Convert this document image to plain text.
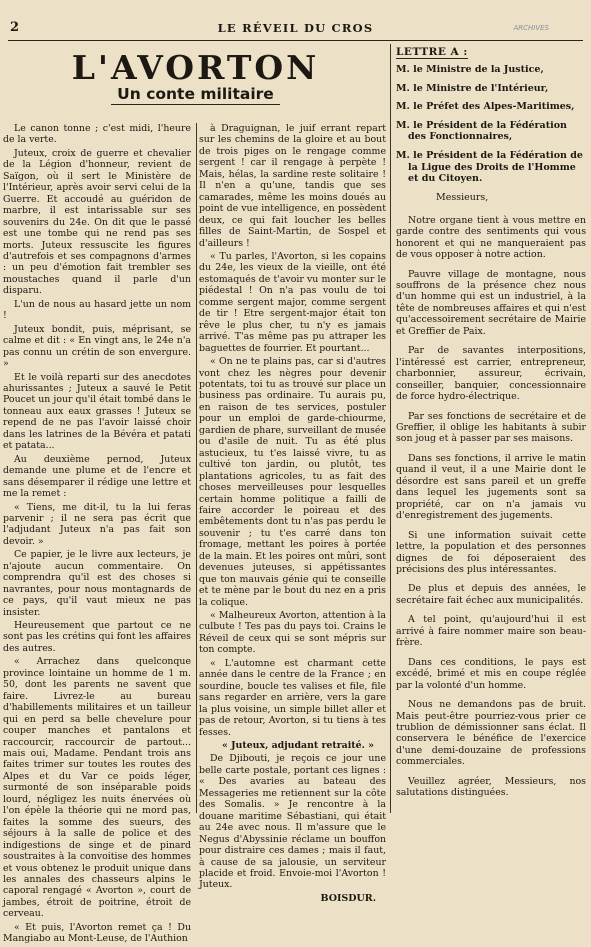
2	LE RÉVEIL DU CROS	ARCHIVES
L'AVORTON
Un conte militaire

Le canon tonne ; c'est midi, l'heure de la verte.

Juteux, croix de guerre et chevalier de la Légion d'honneur, revient de Saïgon, où il sert le Ministère de l'Intérieur, après avoir servi celui de la Guerre. Et accoudé au guéridon de marbre, il est intarissable sur ses souvenirs du 24e. On dit que le passé est une tombe qui ne rend pas ses morts. Juteux ressuscite les figures d'autrefois et ses compagnons d'armes : un peu d'émotion fait trembler ses moustaches quand il parle d'un disparu.

L'un de nous au hasard jette un nom !

Juteux bondit, puis, méprisant, se calme et dit : « En vingt ans, le 24e n'a pas connu un crétin de son envergure. »

Et le voilà reparti sur des anecdotes ahurissantes ; Juteux a sauvé le Petit Poucet un jour qu'il était tombé dans le tonneau aux eaux grasses ! Juteux se repend de ne pas l'avoir laissé choir dans les latrines de la Bévéra et patati et patata...

Au deuxième pernod, Juteux demande une plume et de l'encre et sans désemparer il rédige une lettre et me la remet :

« Tiens, me dit-il, tu la lui feras parvenir ; il ne sera pas écrit que l'adjudant Juteux n'a pas fait son devoir. »

Ce papier, je le livre aux lecteurs, je n'ajoute aucun commentaire. On comprendra qu'il est des choses si navrantes, pour nous montagnards de ce pays, qu'il vaut mieux ne pas insister.

Heureusement que partout ce ne sont pas les crétins qui font les affaires des autres.

« Arrachez dans quelconque province lointaine un homme de 1 m. 50, dont les parents ne savent que faire. Livrez-le au bureau d'habillements militaires et un tailleur qui en perd sa belle chevelure pour couper manches et pantalons et raccourcir, raccourcir de partout... mais oui, Madame. Pendant trois ans faites trimer sur toutes les routes des Alpes et du Var ce poids léger, surmonté de son inséparable poids lourd, négligez les nuits énervées où l'on épèle la théorie qui ne mord pas, faites la somme des sueurs, des séjours à la salle de police et des indigestions de singe et de pinard soustraites à la convoitise des hommes et vous obtenez le produit unique dans les annales des chasseurs alpins le caporal rengagé « Avorton », court de jambes, étroit de poitrine, étroit de cerveau.

« Et puis, l'Avorton remet ça ! Du Mangiabo au Mont-Leuse, de l'Authion

à Draguignan, le juif errant repart sur les chemins de la gloire et au bout de trois piges on le rengage comme sergent ! car il rengage à perpète ! Mais, hélas, la sardine reste solitaire ! Il n'en a qu'une, tandis que ses camarades, même les moins doués au point de vue intelligence, en possèdent deux, ce qui fait loucher les belles filles de Saint-Martin, de Sospel et d'ailleurs !

« Tu parles, l'Avorton, si les copains du 24e, les vieux de la vieille, ont été estomaqués de t'avoir vu monter sur le piédestal ! On n'a pas voulu de toi comme sergent major, comme sergent de tir ! Etre sergent-major était ton rêve le plus cher, tu n'y es jamais arrivé. T'as même pas pu attraper les baguettes de fourrier. Et pourtant...

« On ne te plains pas, car si d'autres vont chez les nègres pour devenir potentats, toi tu as trouvé sur place un business pas ordinaire. Tu aurais pu, en raison de tes services, postuler pour un emploi de garde-chiourme, gardien de phare, surveillant de musée ou d'asile de nuit. Tu as été plus astucieux, tu t'es laissé vivre, tu as cultivé ton jardin, ou plutôt, tes plantations agricoles, tu as fait des choses merveilleuses pour lesquelles certain homme politique a failli de faire accorder le poireau et des embêtements dont tu n'as pas perdu le souvenir ; tu t'es carré dans ton fromage, mettant les poires à portée de la main. Et les poires ont mûri, sont devenues juteuses, si appétissantes que ton mauvais génie qui te conseille et te mène par le bout du nez en a pris la colique.

« Malheureux Avorton, attention à la culbute ! Tes pas du pays toi. Crains le Réveil de ceux qui se sont mépris sur ton compte.

« L'automne est charmant cette année dans le centre de la France ; en sourdine, boucle tes valises et file, file sans regarder en arrière, vers la gare la plus voisine, un simple billet aller et pas de retour, Avorton, si tu tiens à tes fesses.

« Juteux, adjudant retraité. »

De Djibouti, je reçois ce jour une belle carte postale, portant ces lignes : « Des avaries au bateau des Messageries me retiennent sur la côte des Somalis. » Je rencontre à la douane maritime Sébastiani, qui était au 24e avec nous. Il m'assure que le Negus d'Abyssinie réclame un bouffon pour distraire ces dames ; mais il faut, à cause de sa jalousie, un serviteur placide et froid. Envoie-moi l'Avorton ! Juteux.

BOISDUR.
LETTRE A :

M. le Ministre de la Justice,

M. le Ministre de l'Intérieur,

M. le Préfet des Alpes-Maritimes,

M. le Président de la Fédération des Fonctionnaires,

M. le Président de la Fédération de la Ligue des Droits de l'Homme et du Citoyen.

Messieurs,

Notre organe tient à vous mettre en garde contre des sentiments qui vous honorent et qui ne manqueraient pas de vous opposer à notre action.

Pauvre village de montagne, nous souffrons de la présence chez nous d'un homme qui est un industriel, à la tête de nombreuses affaires et qui n'est qu'accessoirement secrétaire de Mairie et Greffier de Paix.

Par de savantes interpositions, l'intéressé est carrier, entrepreneur, charbonnier, assureur, écrivain, conseiller, banquier, concessionnaire de force hydro-électrique.

Par ses fonctions de secrétaire et de Greffier, il oblige les habitants à subir son joug et à passer par ses maisons.

Dans ses fonctions, il arrive le matin quand il veut, il a une Mairie dont le désordre est sans pareil et un greffe dans lequel les jugements sont sa propriété, car on n'a jamais vu d'enregistrement des jugements.

Si une information suivait cette lettre, la population et des personnes dignes de foi déposeraient des précisions des plus intéressantes.

De plus et depuis des années, le secrétaire fait échec aux municipalités.

A tel point, qu'aujourd'hui il est arrivé à faire nommer maire son beau-frère.

Dans ces conditions, le pays est excédé, brimé et mis en coupe réglée par la volonté d'un homme.

Nous ne demandons pas de bruit. Mais peut-être pourriez-vous prier ce trublion de démissionner sans éclat. Il conservera le bénéfice de l'exercice d'une demi-douzaine de professions commerciales.

Veuillez agréer, Messieurs, nos salutations distinguées.
